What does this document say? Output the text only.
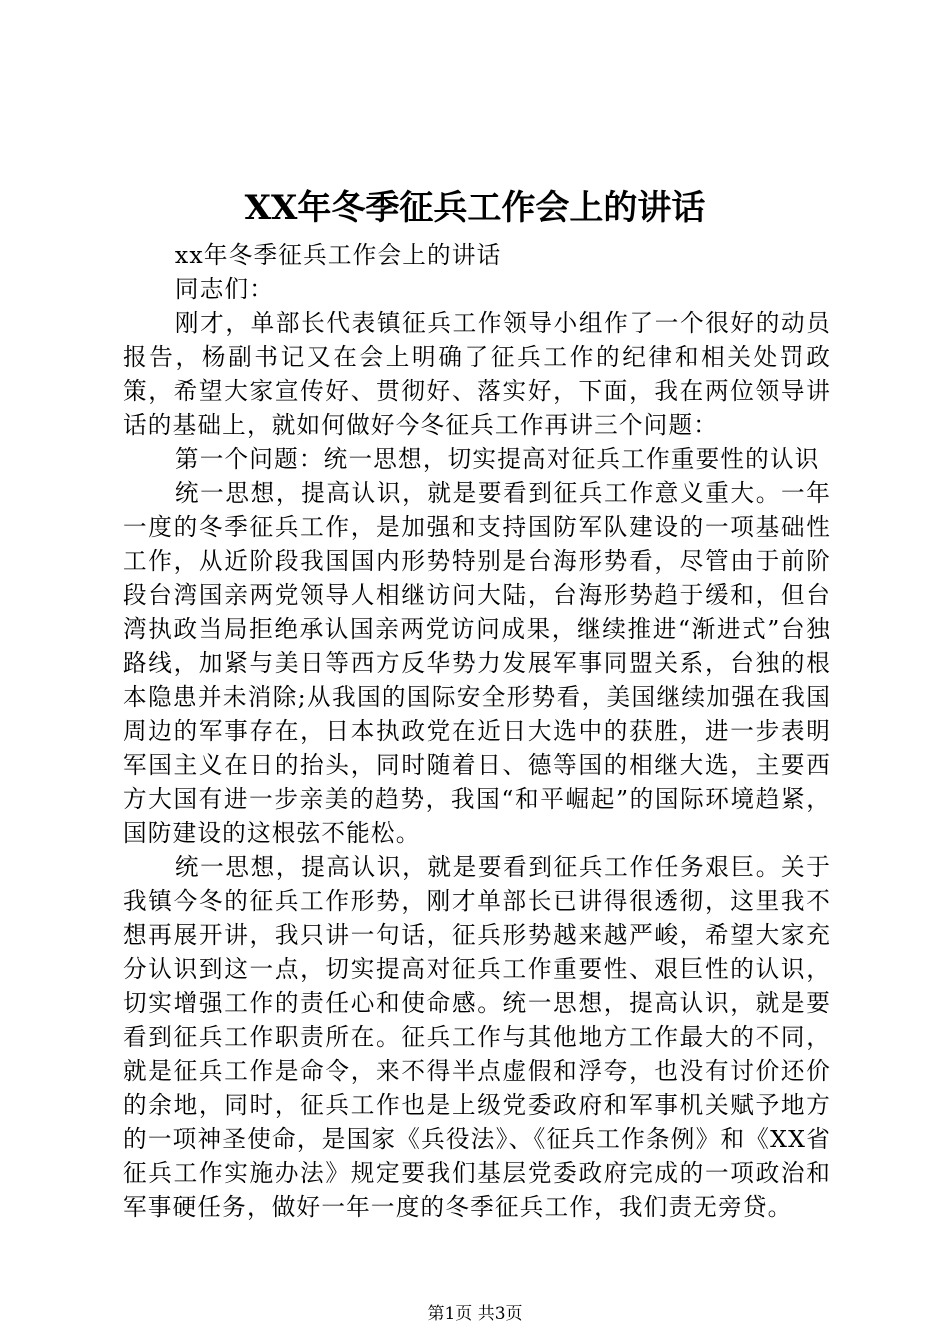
XX年冬季征兵工作会上的讲话

xx年冬季征兵工作会上的讲话

同志们：

刚才，单部长代表镇征兵工作领导小组作了一个很好的动员报告，杨副书记又在会上明确了征兵工作的纪律和相关处罚政策，希望大家宣传好、贯彻好、落实好，下面，我在两位领导讲话的基础上，就如何做好今冬征兵工作再讲三个问题：

第一个问题：统一思想，切实提高对征兵工作重要性的认识

统一思想，提高认识，就是要看到征兵工作意义重大。一年一度的冬季征兵工作，是加强和支持国防军队建设的一项基础性工作，从近阶段我国国内形势特别是台海形势看，尽管由于前阶段台湾国亲两党领导人相继访问大陆，台海形势趋于缓和，但台湾执政当局拒绝承认国亲两党访问成果，继续推进“渐进式”台独路线，加紧与美日等西方反华势力发展军事同盟关系，台独的根本隐患并未消除;从我国的国际安全形势看，美国继续加强在我国周边的军事存在，日本执政党在近日大选中的获胜，进一步表明军国主义在日的抬头，同时随着日、德等国的相继大选，主要西方大国有进一步亲美的趋势，我国“和平崛起”的国际环境趋紧，国防建设的这根弦不能松。

统一思想，提高认识，就是要看到征兵工作任务艰巨。关于我镇今冬的征兵工作形势，刚才单部长已讲得很透彻，这里我不想再展开讲，我只讲一句话，征兵形势越来越严峻，希望大家充分认识到这一点，切实提高对征兵工作重要性、艰巨性的认识，切实增强工作的责任心和使命感。统一思想，提高认识，就是要看到征兵工作职责所在。征兵工作与其他地方工作最大的不同，就是征兵工作是命令，来不得半点虚假和浮夸，也没有讨价还价的余地，同时，征兵工作也是上级党委政府和军事机关赋予地方的一项神圣使命，是国家《兵役法》、《征兵工作条例》和《XX省征兵工作实施办法》规定要我们基层党委政府完成的一项政治和军事硬任务，做好一年一度的冬季征兵工作，我们责无旁贷。

第1页 共3页
